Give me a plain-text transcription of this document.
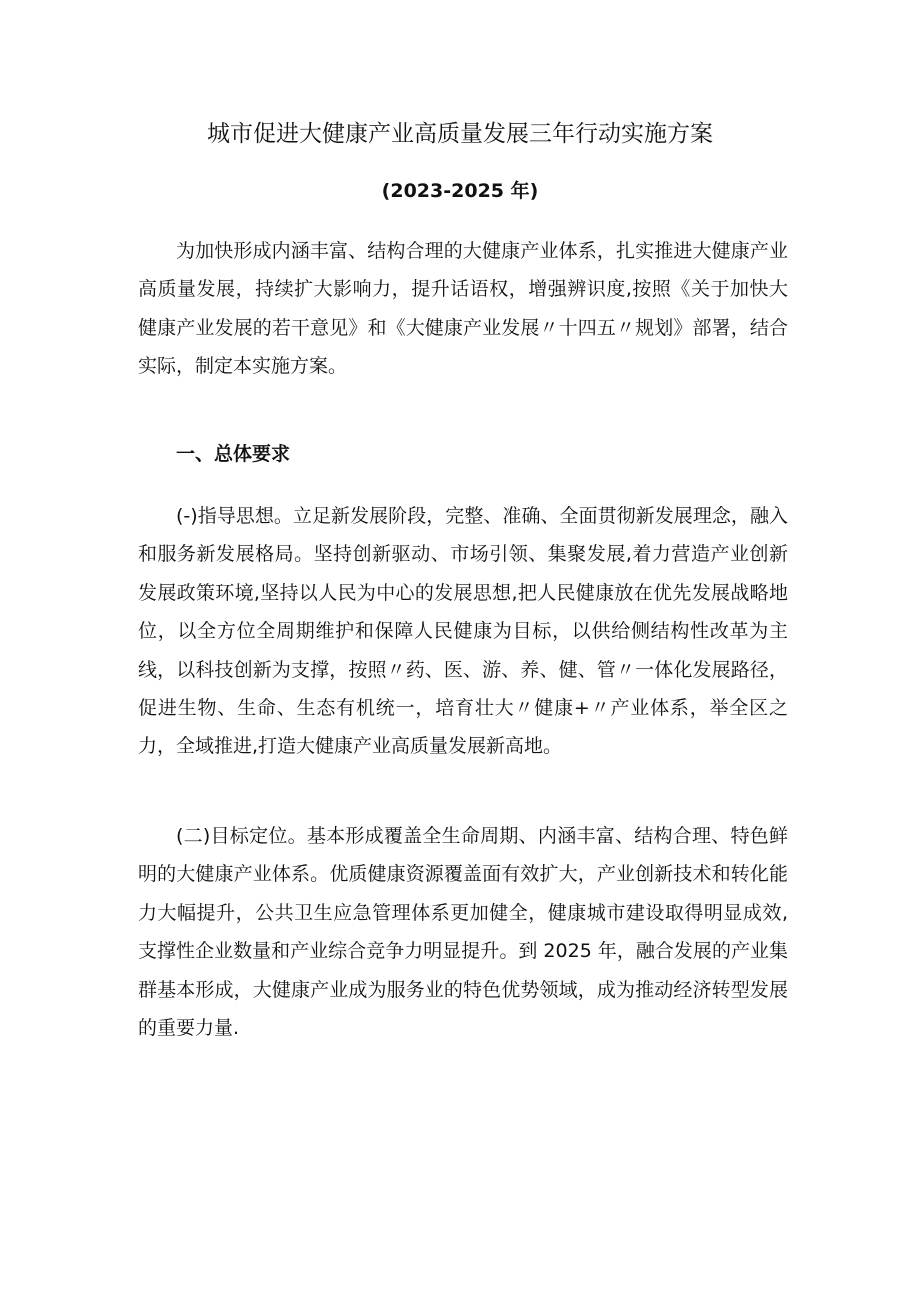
城市促进大健康产业高质量发展三年行动实施方案
(2023-2025 年)

为加快形成内涵丰富、结构合理的大健康产业体系，扎实推进大健康产业高质量发展，持续扩大影响力，提升话语权，增强辨识度,按照《关于加快大健康产业发展的若干意见》和《大健康产业发展〃十四五〃规划》部署，结合实际，制定本实施方案。

一、总体要求

(-)指导思想。立足新发展阶段，完整、准确、全面贯彻新发展理念，融入和服务新发展格局。坚持创新驱动、市场引领、集聚发展,着力营造产业创新发展政策环境,坚持以人民为中心的发展思想,把人民健康放在优先发展战略地位，以全方位全周期维护和保障人民健康为目标，以供给侧结构性改革为主线，以科技创新为支撑，按照〃药、医、游、养、健、管〃一体化发展路径，促进生物、生命、生态有机统一，培育壮大〃健康+〃产业体系，举全区之力，全域推进,打造大健康产业高质量发展新高地。

(二)目标定位。基本形成覆盖全生命周期、内涵丰富、结构合理、特色鲜明的大健康产业体系。优质健康资源覆盖面有效扩大，产业创新技术和转化能力大幅提升，公共卫生应急管理体系更加健全，健康城市建设取得明显成效,支撑性企业数量和产业综合竞争力明显提升。到 2025 年，融合发展的产业集群基本形成，大健康产业成为服务业的特色优势领域，成为推动经济转型发展的重要力量.
